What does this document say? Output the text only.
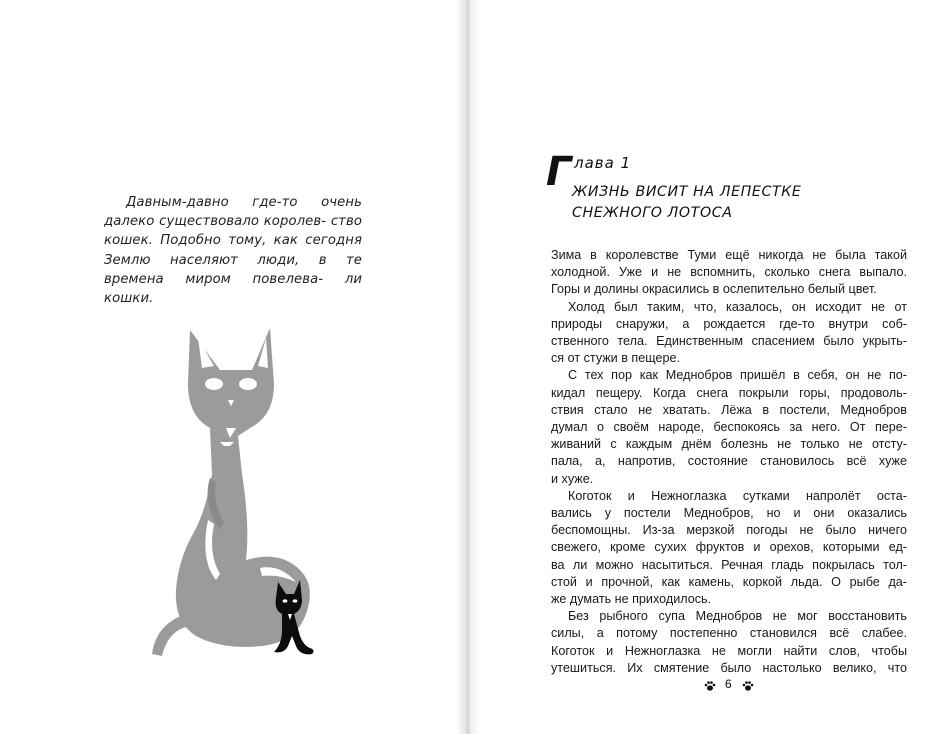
Давным-давно где-то очень далеко существовало королев- ство кошек. Подобно тому, как сегодня Землю населяют люди, в те времена миром повелева- ли кошки.

Г лава 1
ЖИЗНЬ ВИСИТ НА ЛЕПЕСТКЕ
СНЕЖНОГО ЛОТОСА
Зима в королевстве Туми ещё никогда не была такой
холодной. Уже и не вспомнить, сколько снега выпало.
Горы и долины окрасились в ослепительно белый цвет.
Холод был таким, что, казалось, он исходит не от
природы снаружи, а рождается где-то внутри соб-
ственного тела. Единственным спасением было укрыть-
ся от стужи в пещере.
С тех пор как Меднобров пришёл в себя, он не по-
кидал пещеру. Когда снега покрыли горы, продоволь-
ствия стало не хватать. Лёжа в постели, Меднобров
думал о своём народе, беспокоясь за него. От пере-
живаний с каждым днём болезнь не только не отсту-
пала, а, напротив, состояние становилось всё хуже
и хуже.
Коготок и Нежноглазка сутками напролёт оста-
вались у постели Меднобров, но и они оказались
беспомощны. Из-за мерзкой погоды не было ничего
свежего, кроме сухих фруктов и орехов, которыми ед-
ва ли можно насытиться. Речная гладь покрылась тол-
стой и прочной, как камень, коркой льда. О рыбе да-
же думать не приходилось.
Без рыбного супа Меднобров не мог восстановить
силы, а потому постепенно становился всё слабее.
Коготок и Нежноглазка не могли найти слов, чтобы
утешиться. Их смятение было настолько велико, что
6
